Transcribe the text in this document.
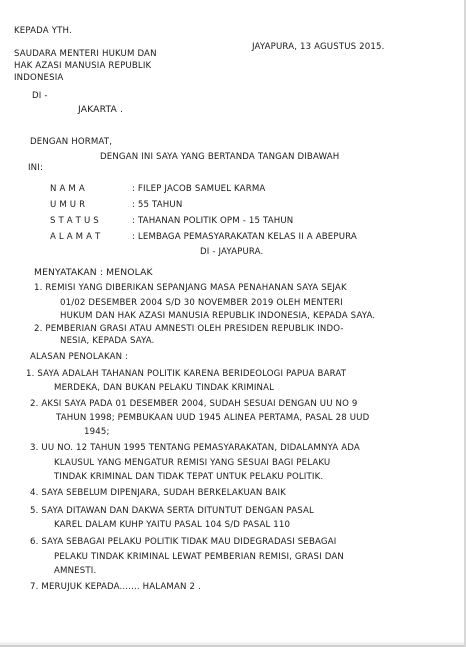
KEPADA YTH.
JAYAPURA, 13 AGUSTUS 2015.
SAUDARA MENTERI HUKUM DAN
HAK AZASI MANUSIA REPUBLIK
INDONESIA
DI -
JAKARTA .
DENGAN HORMAT,
DENGAN INI SAYA YANG BERTANDA TANGAN DIBAWAH
INI:
N A M A	: FILEP JACOB SAMUEL KARMA
U M U R	: 55 TAHUN
S T A T U S	: TAHANAN POLITIK OPM - 15 TAHUN
A L A M A T	: LEMBAGA PEMASYARAKATAN KELAS II A ABEPURA
DI - JAYAPURA.
MENYATAKAN : MENOLAK
1. REMISI YANG DIBERIKAN SEPANJANG MASA PENAHANAN SAYA SEJAK
01/02 DESEMBER 2004 S/D 30 NOVEMBER 2019 OLEH MENTERI
HUKUM DAN HAK AZASI MANUSIA REPUBLIK INDONESIA, KEPADA SAYA.
2. PEMBERIAN GRASI ATAU AMNESTI OLEH PRESIDEN REPUBLIK INDO-
NESIA, KEPADA SAYA.
ALASAN PENOLAKAN :
1. SAYA ADALAH TAHANAN POLITIK KARENA BERIDEOLOGI PAPUA BARAT
MERDEKA, DAN BUKAN PELAKU TINDAK KRIMINAL
2. AKSI SAYA PADA 01 DESEMBER 2004, SUDAH SESUAI DENGAN UU NO 9
TAHUN 1998; PEMBUKAAN UUD 1945 ALINEA PERTAMA, PASAL 28 UUD
1945;
3. UU NO. 12 TAHUN 1995 TENTANG PEMASYARAKATAN, DIDALAMNYA ADA
KLAUSUL YANG MENGATUR REMISI YANG SESUAI BAGI PELAKU
TINDAK KRIMINAL DAN TIDAK TEPAT UNTUK PELAKU POLITIK.
4. SAYA SEBELUM DIPENJARA, SUDAH BERKELAKUAN BAIK
5. SAYA DITAWAN DAN DAKWA SERTA DITUNTUT DENGAN PASAL
KAREL DALAM KUHP YAITU PASAL 104 S/D PASAL 110
6. SAYA SEBAGAI PELAKU POLITIK TIDAK MAU DIDEGRADASI SEBAGAI
PELAKU TINDAK KRIMINAL LEWAT PEMBERIAN REMISI, GRASI DAN
AMNESTI.
7. MERUJUK KEPADA....... HALAMAN 2 .
